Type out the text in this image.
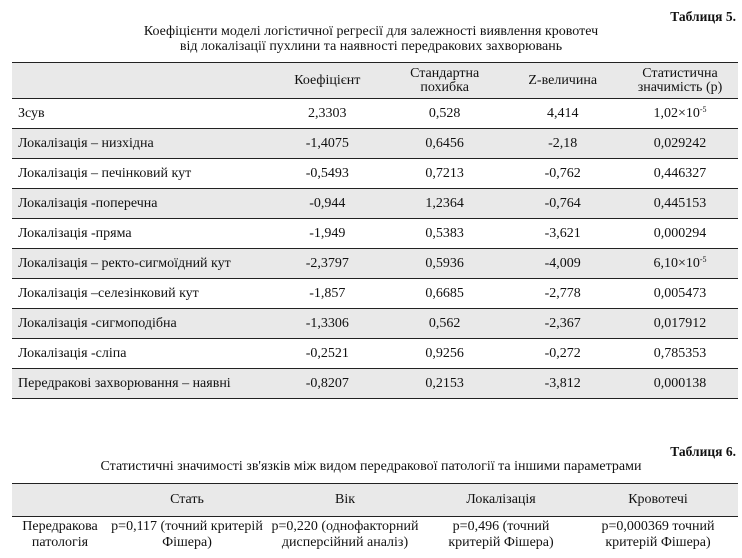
Таблиця 5.
Коефіцієнти моделі логістичної регресії для залежності виявлення кровотеч
від локалізації пухлини та наявності передракових захворювань
	Коефіцієнт	Стандартна похибка	Z-величина	Статистична значимість (p)
Зсув	2,3303	0,528	4,414	$1,02\times 10^{-5}$
Локалізація – низхідна	-1,4075	0,6456	-2,18	0,029242
Локалізація – печінковий кут	-0,5493	0,7213	-0,762	0,446327
Локалізація -поперечна	-0,944	1,2364	-0,764	0,445153
Локалізація -пряма	-1,949	0,5383	-3,621	0,000294
Локалізація – ректо-сигмоїдний кут	-2,3797	0,5936	-4,009	$6,10\times 10^{-5}$
Локалізація –селезінковий кут	-1,857	0,6685	-2,778	0,005473
Локалізація -сигмоподібна	-1,3306	0,562	-2,367	0,017912
Локалізація -сліпа	-0,2521	0,9256	-0,272	0,785353
Передракові захворювання – наявні	-0,8207	0,2153	-3,812	0,000138
Таблиця 6.
Статистичні значимості зв'язків між видом передракової патології та іншими параметрами
	Стать	Вік	Локалізація	Кровотечі
Передракова патологія	p=0,117 (точний критерій Фішера)	p=0,220 (однофакторний дисперсійний аналіз)	p=0,496 (точний критерій Фішера)	p=0,000369 точний критерій Фішера)
